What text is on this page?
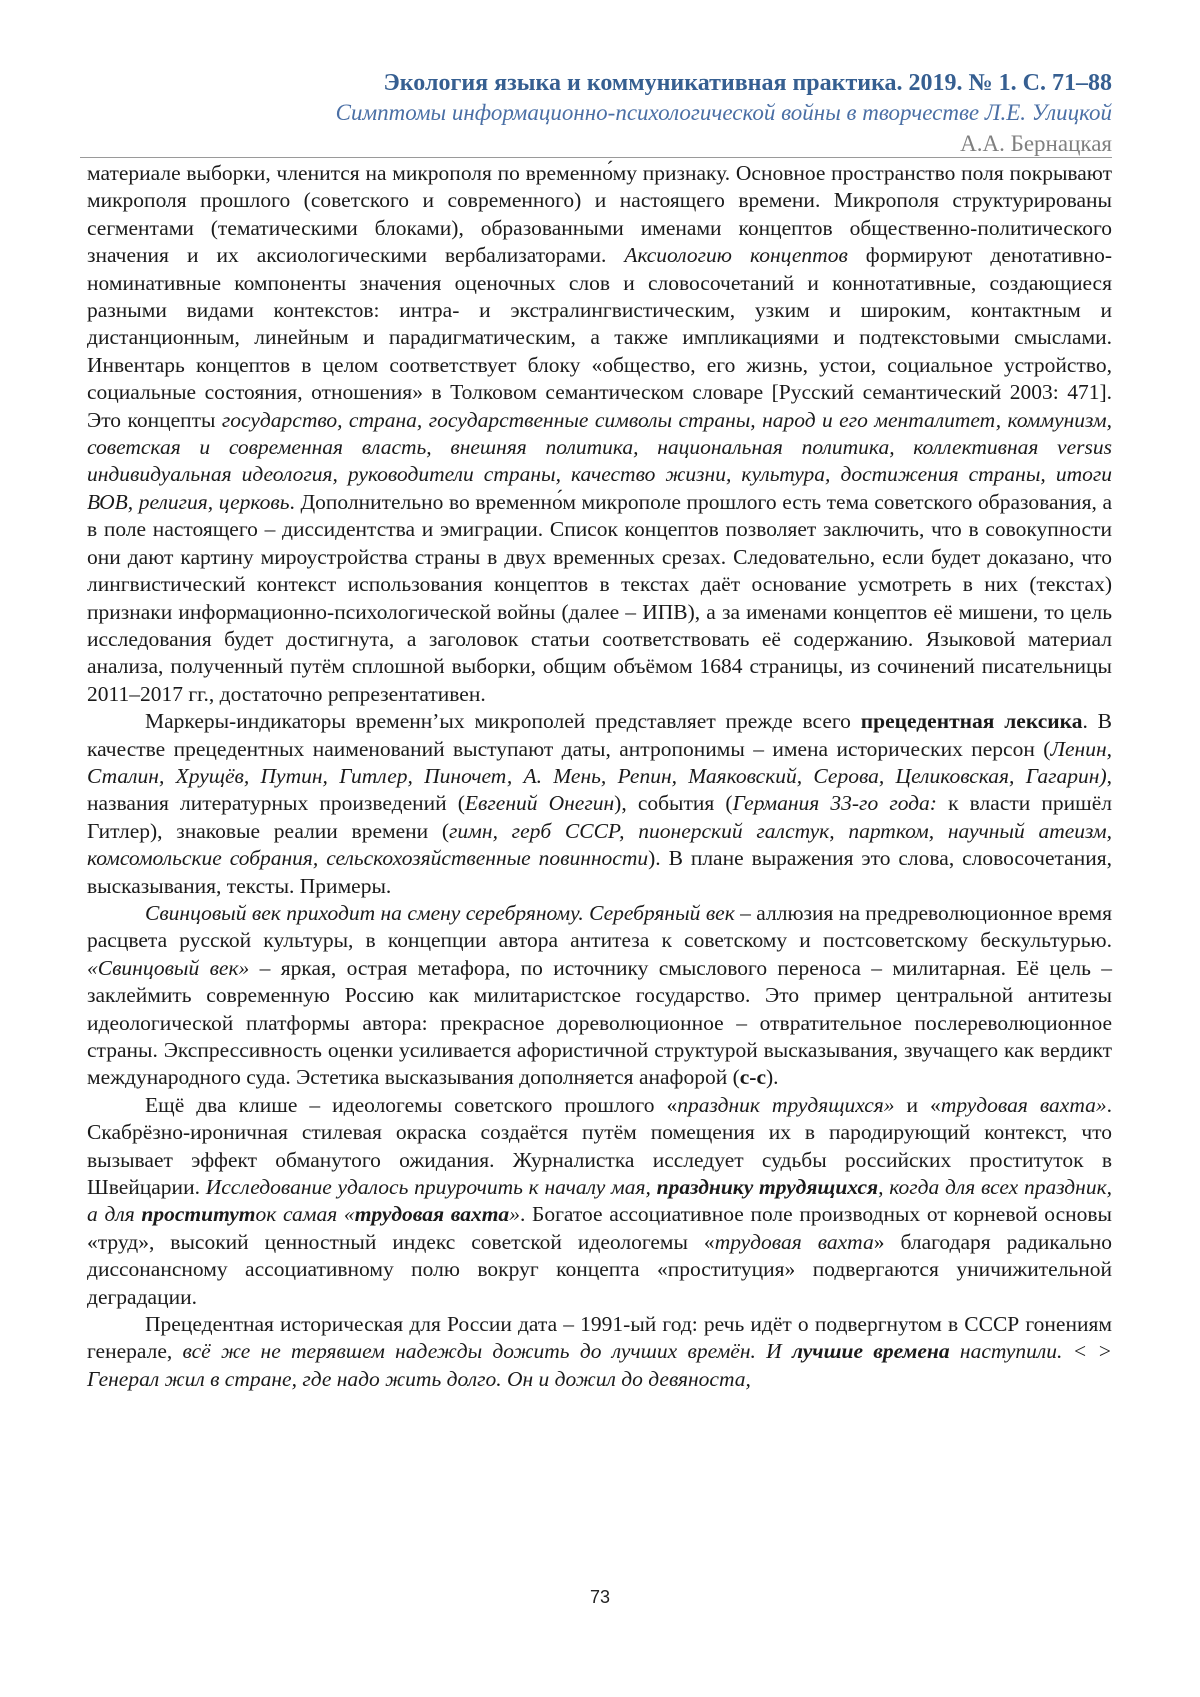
Экология языка и коммуникативная практика. 2019. № 1. С. 71–88
Симптомы информационно-психологической войны в творчестве Л.Е. Улицкой
А.А. Бернацкая

материале выборки, членится на микрополя по временно́му признаку. Основное пространство поля покрывают микрополя прошлого (советского и современного) и настоящего времени. Микрополя структурированы сегментами (тематическими блоками), образованными именами концептов общественно-политического значения и их аксиологическими вербализаторами. Аксиологию концептов формируют денотативно-номинативные компоненты значения оценочных слов и словосочетаний и коннотативные, создающиеся разными видами контекстов: интра- и экстралингвистическим, узким и широким, контактным и дистанционным, линейным и парадигматическим, а также импликациями и подтекстовыми смыслами. Инвентарь концептов в целом соответствует блоку «общество, его жизнь, устои, социальное устройство, социальные состояния, отношения» в Толковом семантическом словаре [Русский семантический 2003: 471]. Это концепты государство, страна, государственные символы страны, народ и его менталитет, коммунизм, советская и современная власть, внешняя политика, национальная политика, коллективная versus индивидуальная идеология, руководители страны, качество жизни, культура, достижения страны, итоги ВОВ, религия, церковь. Дополнительно во временно́м микрополе прошлого есть тема советского образования, а в поле настоящего – диссидентства и эмиграции. Список концептов позволяет заключить, что в совокупности они дают картину мироустройства страны в двух временных срезах. Следовательно, если будет доказано, что лингвистический контекст использования концептов в текстах даёт основание усмотреть в них (текстах) признаки информационно-психологической войны (далее – ИПВ), а за именами концептов её мишени, то цель исследования будет достигнута, а заголовок статьи соответствовать её содержанию. Языковой материал анализа, полученный путём сплошной выборки, общим объёмом 1684 страницы, из сочинений писательницы 2011–2017 гг., достаточно репрезентативен.

Маркеры-индикаторы временн’ых микрополей представляет прежде всего прецедентная лексика. В качестве прецедентных наименований выступают даты, антропонимы – имена исторических персон (Ленин, Сталин, Хрущёв, Путин, Гитлер, Пиночет, А. Мень, Репин, Маяковский, Серова, Целиковская, Гагарин), названия литературных произведений (Евгений Онегин), события (Германия 33-го года: к власти пришёл Гитлер), знаковые реалии времени (гимн, герб СССР, пионерский галстук, партком, научный атеизм, комсомольские собрания, сельскохозяйственные повинности). В плане выражения это слова, словосочетания, высказывания, тексты. Примеры.

Свинцовый век приходит на смену серебряному. Серебряный век – аллюзия на предреволюционное время расцвета русской культуры, в концепции автора антитеза к советскому и постсоветскому бескультурью. «Свинцовый век» – яркая, острая метафора, по источнику смыслового переноса – милитарная. Её цель – заклеймить современную Россию как милитаристское государство. Это пример центральной антитезы идеологической платформы автора: прекрасное дореволюционное – отвратительное послереволюционное страны. Экспрессивность оценки усиливается афористичной структурой высказывания, звучащего как вердикт международного суда. Эстетика высказывания дополняется анафорой (с-с).

Ещё два клише – идеологемы советского прошлого «праздник трудящихся» и «трудовая вахта». Скабрёзно-ироничная стилевая окраска создаётся путём помещения их в пародирующий контекст, что вызывает эффект обманутого ожидания. Журналистка исследует судьбы российских проституток в Швейцарии. Исследование удалось приурочить к началу мая, празднику трудящихся, когда для всех праздник, а для проституток самая «трудовая вахта». Богатое ассоциативное поле производных от корневой основы «труд», высокий ценностный индекс советской идеологемы «трудовая вахта» благодаря радикально диссонансному ассоциативному полю вокруг концепта «проституция» подвергаются уничижительной деградации.

Прецедентная историческая для России дата – 1991-ый год: речь идёт о подвергнутом в СССР гонениям генерале, всё же не терявшем надежды дожить до лучших времён. И лучшие времена наступили. < > Генерал жил в стране, где надо жить долго. Он и дожил до девяноста,

73
